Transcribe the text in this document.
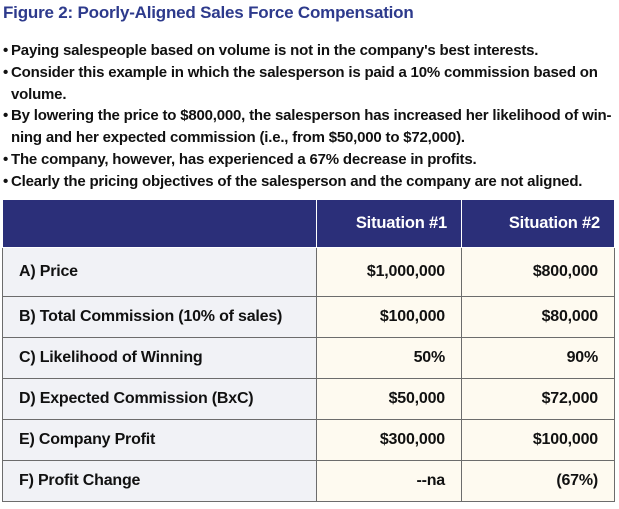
Figure 2: Poorly-Aligned Sales Force Compensation
• Paying salespeople based on volume is not in the company's best interests.
• Consider this example in which the salesperson is paid a 10% commission based on
volume.
• By lowering the price to $800,000, the salesperson has increased her likelihood of win-
ning and her expected commission (i.e., from $50,000 to $72,000).
• The company, however, has experienced a 67% decrease in profits.
• Clearly the pricing objectives of the salesperson and the company are not aligned.
	Situation #1	Situation #2
A) Price	$1,000,000	$800,000
B) Total Commission (10% of sales)	$100,000	$80,000
C) Likelihood of Winning	50%	90%
D) Expected Commission (BxC)	$50,000	$72,000
E) Company Profit	$300,000	$100,000
F) Profit Change	--na	(67%)
